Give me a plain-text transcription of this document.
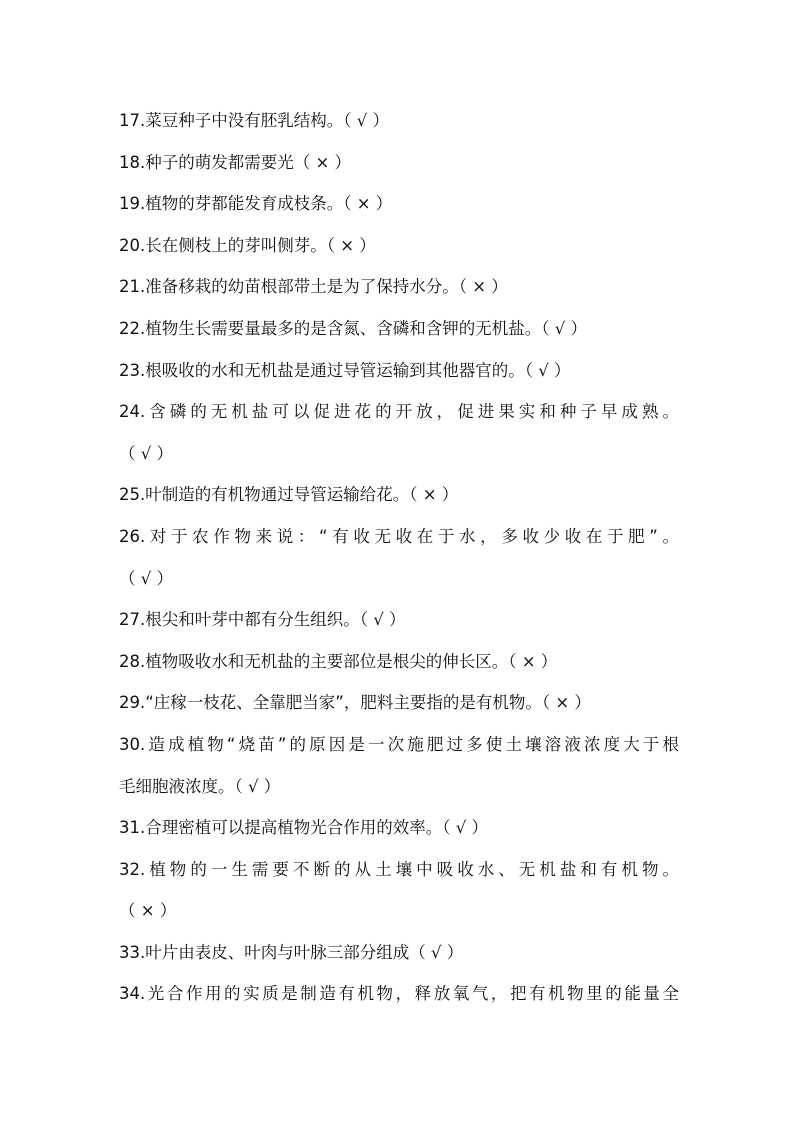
17.菜豆种子中没有胚乳结构。（ √ ）
18.种子的萌发都需要光（ × ）
19.植物的芽都能发育成枝条。（ × ）
20.长在侧枝上的芽叫侧芽。（ × ）
21.准备移栽的幼苗根部带土是为了保持水分。（ × ）
22.植物生长需要量最多的是含氮、含磷和含钾的无机盐。（ √ ）
23.根吸收的水和无机盐是通过导管运输到其他器官的。（ √ ）
24.含磷的无机盐可以促进花的开放，促进果实和种子早成熟。
（ √ ）
25.叶制造的有机物通过导管运输给花。（ × ）
26.对于农作物来说：“有收无收在于水，多收少收在于肥”。
（ √ ）
27.根尖和叶芽中都有分生组织。（ √ ）
28.植物吸收水和无机盐的主要部位是根尖的伸长区。（ × ）
29.“庄稼一枝花、全靠肥当家”，肥料主要指的是有机物。（ × ）
30.造成植物“烧苗”的原因是一次施肥过多使土壤溶液浓度大于根
毛细胞液浓度。（ √ ）
31.合理密植可以提高植物光合作用的效率。（ √ ）
32.植物的一生需要不断的从土壤中吸收水、无机盐和有机物。
（ × ）
33.叶片由表皮、叶肉与叶脉三部分组成（ √ ）
34.光合作用的实质是制造有机物，释放氧气，把有机物里的能量全
